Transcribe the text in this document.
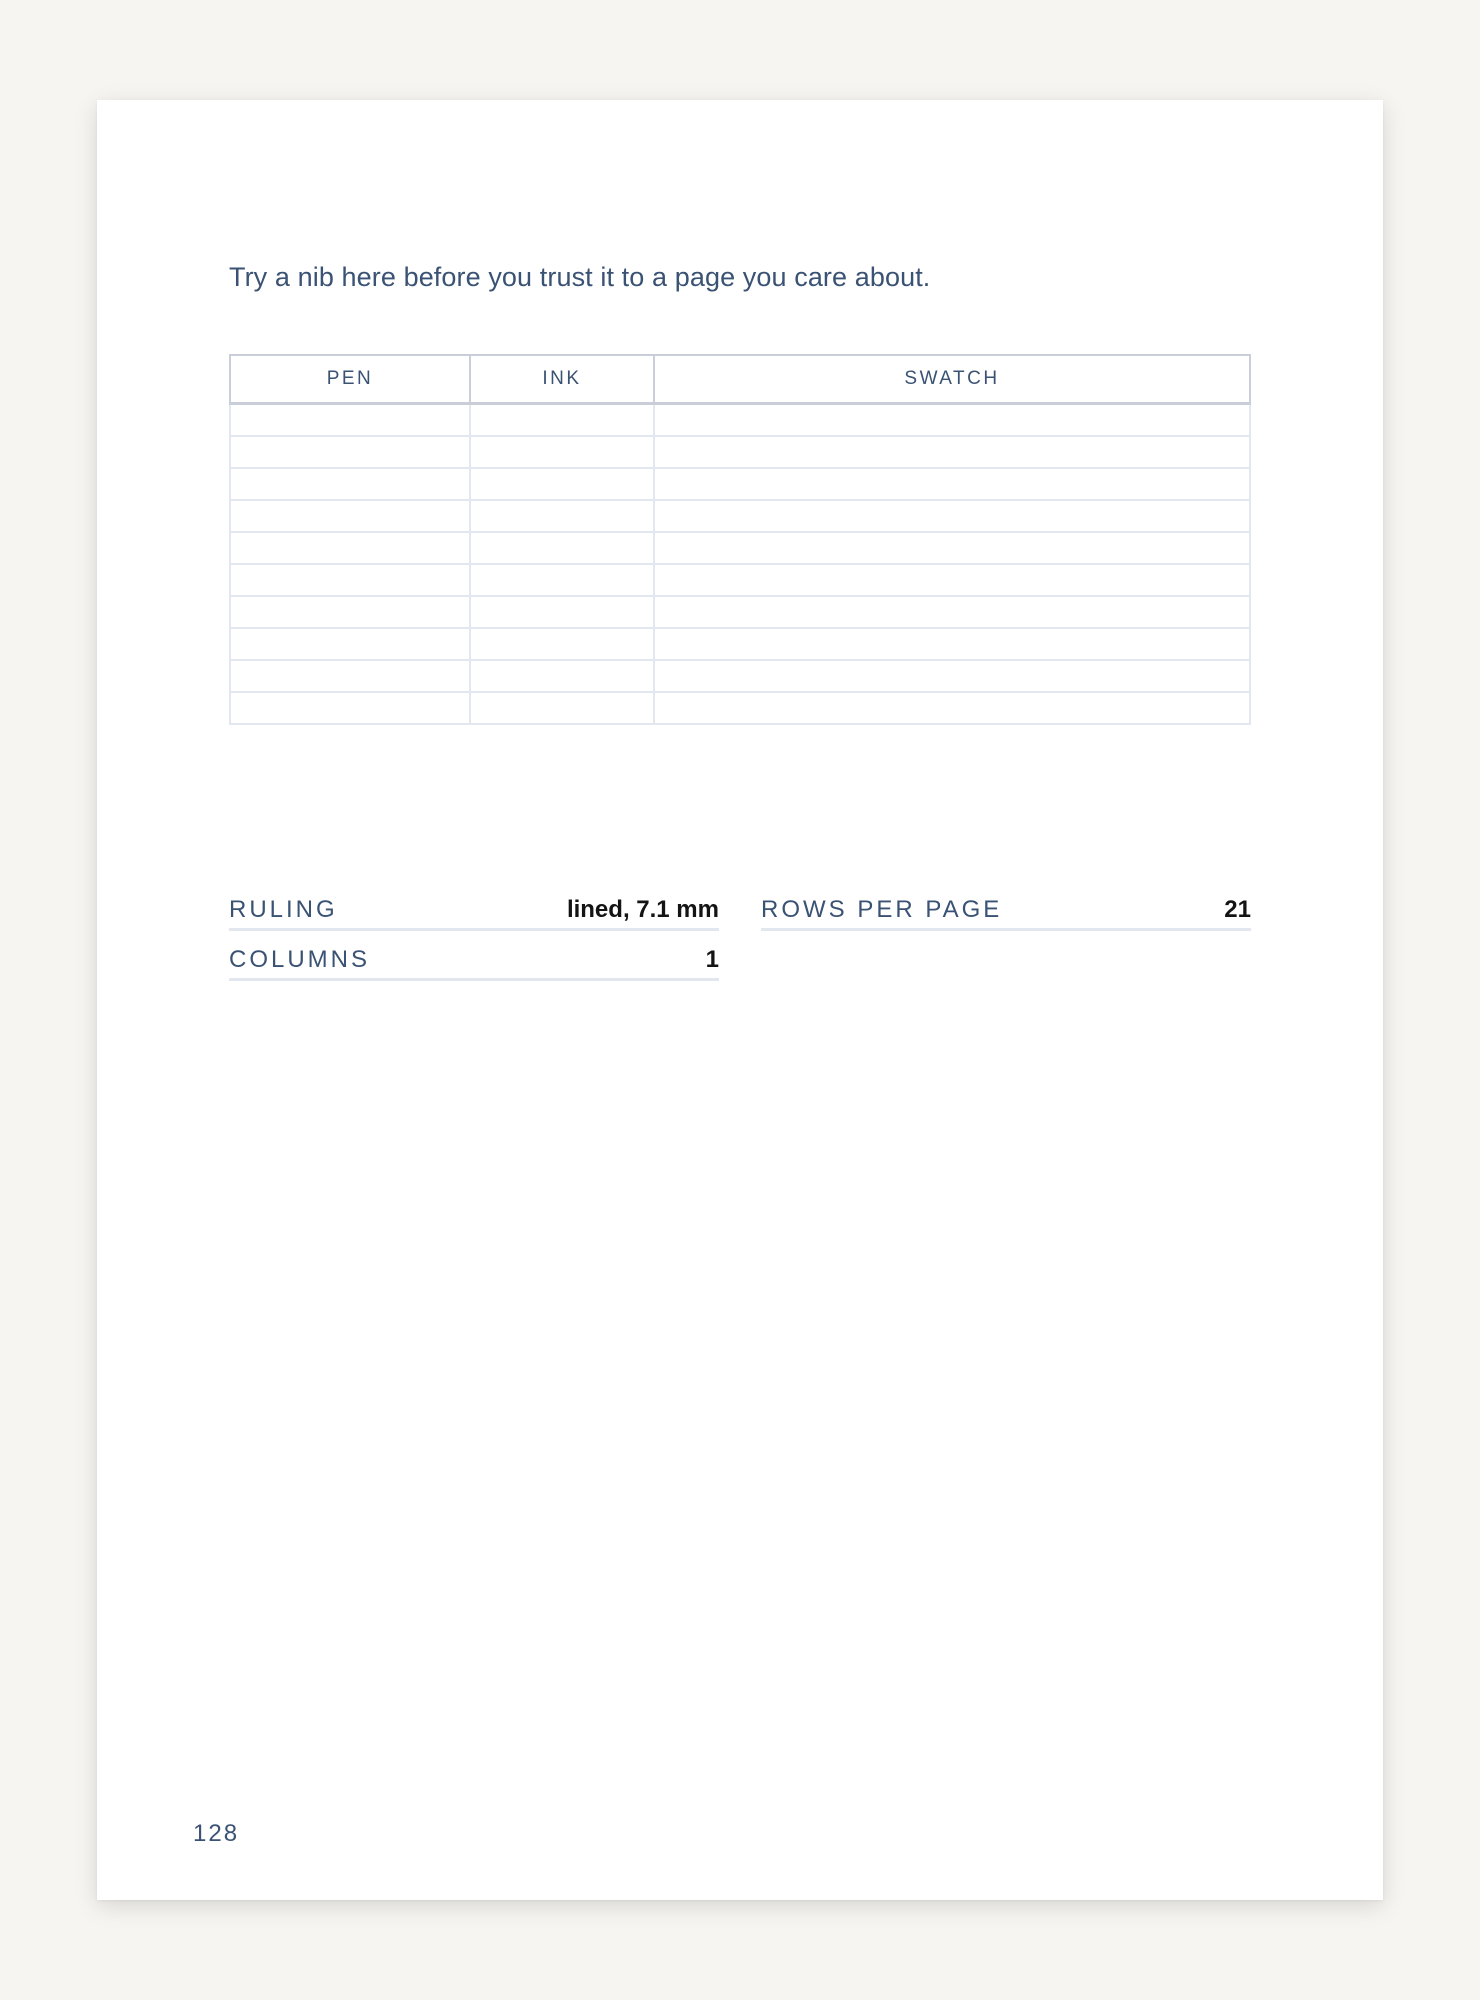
Try a nib here before you trust it to a page you care about.

PEN	INK	SWATCH

RULING	lined, 7.1 mm ROWS PER PAGE	21
COLUMNS	1
128
